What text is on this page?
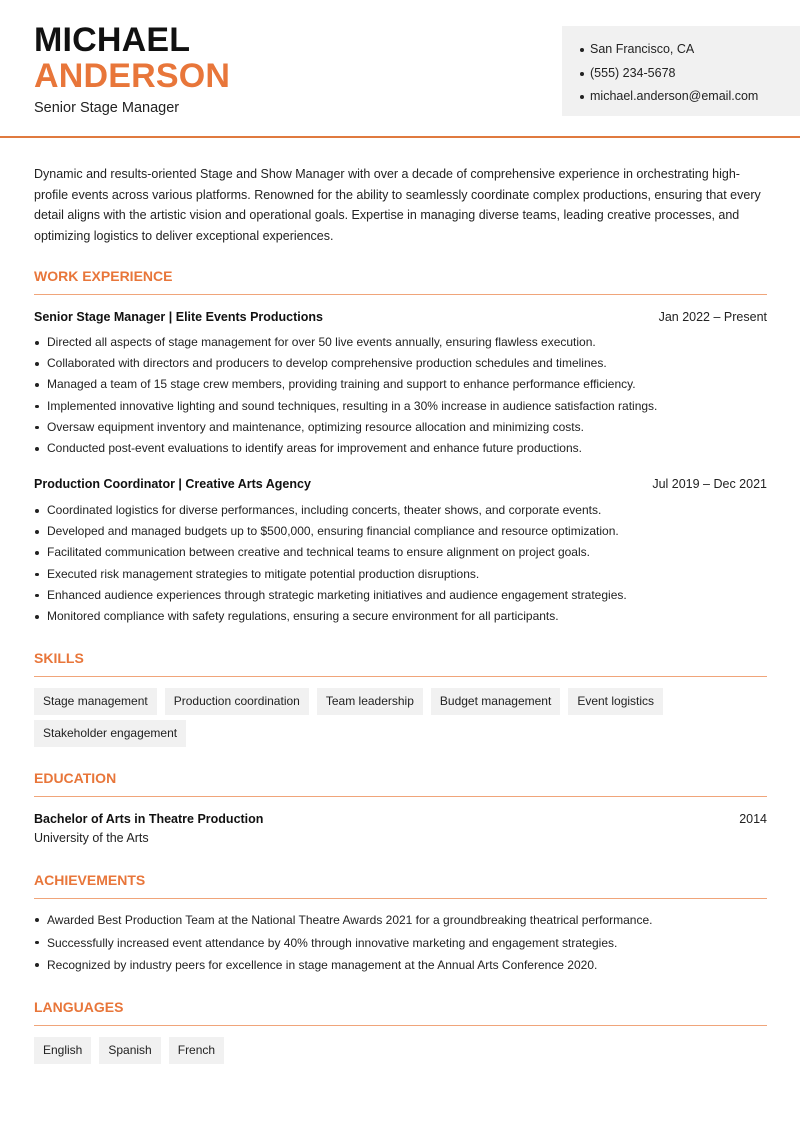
MICHAEL
ANDERSON
Senior Stage Manager
San Francisco, CA
(555) 234-5678
michael.anderson@email.com
Dynamic and results-oriented Stage and Show Manager with over a decade of comprehensive experience in orchestrating high-profile events across various platforms. Renowned for the ability to seamlessly coordinate complex productions, ensuring that every detail aligns with the artistic vision and operational goals. Expertise in managing diverse teams, leading creative processes, and optimizing logistics to deliver exceptional experiences.
WORK EXPERIENCE
Senior Stage Manager | Elite Events Productions	Jan 2022 – Present
Directed all aspects of stage management for over 50 live events annually, ensuring flawless execution.
Collaborated with directors and producers to develop comprehensive production schedules and timelines.
Managed a team of 15 stage crew members, providing training and support to enhance performance efficiency.
Implemented innovative lighting and sound techniques, resulting in a 30% increase in audience satisfaction ratings.
Oversaw equipment inventory and maintenance, optimizing resource allocation and minimizing costs.
Conducted post-event evaluations to identify areas for improvement and enhance future productions.
Production Coordinator | Creative Arts Agency	Jul 2019 – Dec 2021
Coordinated logistics for diverse performances, including concerts, theater shows, and corporate events.
Developed and managed budgets up to $500,000, ensuring financial compliance and resource optimization.
Facilitated communication between creative and technical teams to ensure alignment on project goals.
Executed risk management strategies to mitigate potential production disruptions.
Enhanced audience experiences through strategic marketing initiatives and audience engagement strategies.
Monitored compliance with safety regulations, ensuring a secure environment for all participants.
SKILLS
Stage management	Production coordination	Team leadership	Budget management	Event logistics
Stakeholder engagement
EDUCATION
Bachelor of Arts in Theatre Production	2014
University of the Arts
ACHIEVEMENTS
Awarded Best Production Team at the National Theatre Awards 2021 for a groundbreaking theatrical performance.
Successfully increased event attendance by 40% through innovative marketing and engagement strategies.
Recognized by industry peers for excellence in stage management at the Annual Arts Conference 2020.
LANGUAGES
English	Spanish	French
